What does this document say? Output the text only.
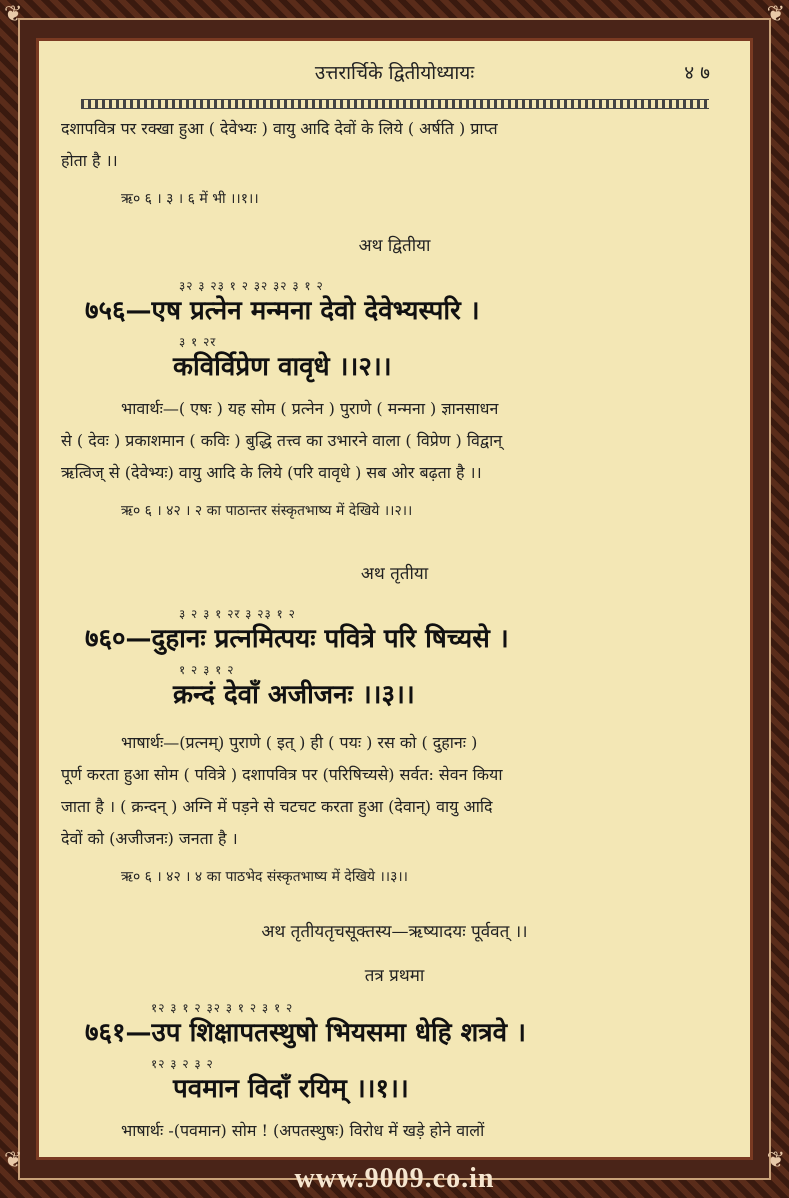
❦	❦
❦	❦
उत्तरार्चिके द्वितीयोध्यायः	४ ७
दशापवित्र पर रक्खा हुआ ( देवेभ्यः ) वायु आदि देवों के लिये ( अर्षति ) प्राप्त
होता है ।।
ऋ० ६ । ३ । ६ में भी ।।१।।
अथ द्वितीया
३२ ३ २३ १ २ ३२ ३२ ३ १ २
७५६—एष प्रत्नेन मन्मना देवो देवेभ्यस्परि ।
३ १ २र
कविर्विप्रेण वावृधे ।।२।।
भावार्थः—( एषः ) यह सोम ( प्रत्नेन ) पुराणे ( मन्मना ) ज्ञानसाधन
से ( देवः ) प्रकाशमान ( कविः ) बुद्धि तत्त्व का उभारने वाला ( विप्रेण ) विद्वान्
ऋत्विज् से (देवेभ्यः) वायु आदि के लिये (परि वावृधे ) सब ओर बढ़ता है ।।
ऋ० ६ । ४२ । २ का पाठान्तर संस्कृतभाष्य में देखिये ।।२।।
अथ तृतीया
३ २ ३ १ २र ३ २३ १ २
७६०—दुहानः प्रत्नमित्पयः पवित्रे परि षिच्यसे ।
१ २ ३ १ २
क्रन्दं देवाँ अजीजनः ।।३।।
भाषार्थः—(प्रत्नम्) पुराणे ( इत् ) ही ( पयः ) रस को ( दुहानः )
पूर्ण करता हुआ सोम ( पवित्रे ) दशापवित्र पर (परिषिच्यसे) सर्वत: सेवन किया
जाता है । ( क्रन्दन् ) अग्नि में पड़ने से चटचट करता हुआ (देवान्) वायु आदि
देवों को (अजीजनः) जनता है ।
ऋ० ६ । ४२ । ४ का पाठभेद संस्कृतभाष्य में देखिये ।।३।।
अथ तृतीयतृचसूक्तस्य—ऋष्यादयः पूर्ववत् ।।
तत्र प्रथमा
१२ ३ १ २ ३२ ३ १ २ ३ १ २
७६१—उप शिक्षापतस्थुषो भियसमा धेहि शत्रवे ।
१२ ३ २ ३ २
पवमान विदाँ रयिम् ।।१।।
भाषार्थः -(पवमान) सोम ! (अपतस्थुषः) विरोध में खड़े होने वालों
www.9009.co.in
